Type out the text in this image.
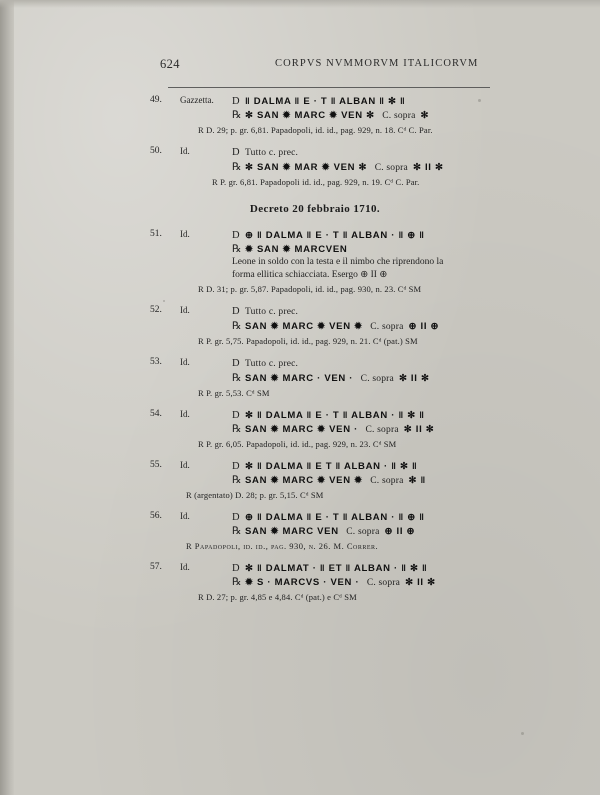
624	CORPVS NVMMORVM ITALICORVM
49.	Gazzetta. D ‖ DALMA ‖ E · T ‖ ALBAN ‖ ✻ ‖
℞ ✻ SAN ✹ MARC ✹ VEN ✻ C. sopra ✻
R D. 29; p. gr. 6,81. Papadopoli, id. id., pag. 929, n. 18. Cᵈ C. Par.
50.	Id.	D Tutto c. prec.
℞ ✻ SAN ✹ MAR ✹ VEN ✻ C. sopra ✻ II ✻
R P. gr. 6,81. Papadopoli id. id., pag. 929, n. 19. Cᵈ C. Par.
Decreto 20 febbraio 1710.
51.	Id.	D ⊕ ‖ DALMA ‖ E · T ‖ ALBAN · ‖ ⊕ ‖
℞ ✹ SAN ✹ MARCVEN   Leone in soldo con la testa e il nimbo che riprendono la forma ellitica schiacciata. Esergo ⊕ II ⊕
R D. 31; p. gr. 5,87. Papadopoli, id. id., pag. 930, n. 23. Cᵈ SM
52.	Id.	D Tutto c. prec.
℞ SAN ✹ MARC ✹ VEN ✹ C. sopra ⊕ II ⊕
R P. gr. 5,75. Papadopoli, id. id., pag. 929, n. 21. Cᵈ (pat.) SM
53.	Id.	D Tutto c. prec.
℞ SAN ✹ MARC · VEN · C. sopra ✻ II ✻
R P. gr. 5,53. Cᵈ SM
54.	Id.	D ✻ ‖ DALMA ‖ E · T ‖ ALBAN · ‖ ✻ ‖
℞ SAN ✹ MARC ✹ VEN · C. sopra ✻ II ✻
R P. gr. 6,05. Papadopoli, id. id., pag. 929, n. 23. Cᵈ SM
55.	Id.	D ✻ ‖ DALMA ‖ E T ‖ ALBAN · ‖ ✻ ‖
℞ SAN ✹ MARC ✹ VEN ✹ C. sopra ✻ ‖
R (argentato) D. 28; p. gr. 5,15. Cᵈ SM
56.	Id.	D ⊕ ‖ DALMA ‖ E · T ‖ ALBAN · ‖ ⊕ ‖
℞ SAN ✹ MARC VEN C. sopra ⊕ II ⊕
R Papadopoli, id. id., pag. 930, n. 26. M. Correr.
57.	Id.	D ✻ ‖ DALMAT · ‖ ET ‖ ALBAN · ‖ ✻ ‖
℞ ✹ S · MARCVS · VEN · C. sopra ✻ II ✻
R D. 27; p. gr. 4,85 e 4,84. Cᵈ (pat.) e Cᵈ SM
